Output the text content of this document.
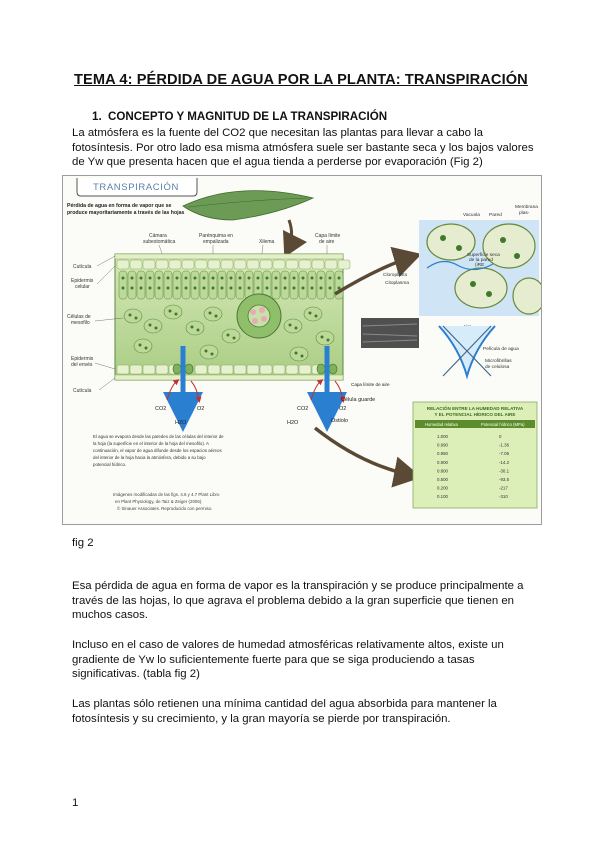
TEMA 4: PÉRDIDA DE AGUA POR LA PLANTA: TRANSPIRACIÓN
1. CONCEPTO Y MAGNITUD DE LA TRANSPIRACIÓN
La atmósfera es la fuente del CO2 que necesitan las plantas para llevar a cabo la
fotosíntesis. Por otro lado esa misma atmósfera suele ser bastante seca y los bajos valores
de Yw que presenta hacen que el agua tienda a perderse por evaporación (Fig 2)
TRANSPIRACIÓN
Pérdida de agua en forma de vapor que se
produce mayoritariamente a través de las hojas
Cámara
subestomática
Parénquima en
empalizada	Xilema
Capa límite
de aire
CO2	O2
H2O
CO2	O2
H2O
Célula guarde
Ostiolo
Capa límite de aire
Cutícula
Epidermis
celular
Células de
mesofilo
Epidermis
del envés
Cutícula
Vacuola Pared
Membrana
plas-
Superficie seca
de la pared
(iRE
Cloroplasto
Citoplasma
Película de agua
Microfibrillas
de celulosa
El agua se evapora desde las paredes de las células del interior de
la hoja (la superficie en el interior de la hoja del mesofilo). A
continuación, el vapor de agua difunde desde los espacios aéreos
del interior de la hoja hacia la atmósfera, debido a su bajo
potencial hídrico.
Imágenes modificadas de las figs. 4.6 y 4.7 Plant Libro
en Plant Physiology, de Taiz & Zeiger (2006).
© Sinauer Associates. Reproducido con permiso.
RELACIÓN ENTRE LA HUMEDAD RELATIVA
Y EL POTENCIAL HÍDRICO DEL AIRE
Humedad relativa	Potencial hídrico (MPa)
1.000	0
0.990	-1.36
0.950	-7.06
0.900	-14.2
0.800	-30.1
0.500	-93.5
0.200	-217
0.100	-310
fig 2
Esa pérdida de agua en forma de vapor es la transpiración y se produce principalmente a
través de las hojas, lo que agrava el problema debido a la gran superficie que tienen en
muchos casos.
Incluso en el caso de valores de humedad atmosféricas relativamente altos, existe un
gradiente de Yw lo suficientemente fuerte para que se siga produciendo a tasas
significativas. (tabla fig 2)
Las plantas sólo retienen una mínima cantidad del agua absorbida para mantener la
fotosíntesis y su crecimiento, y la gran mayoría se pierde por transpiración.
1
